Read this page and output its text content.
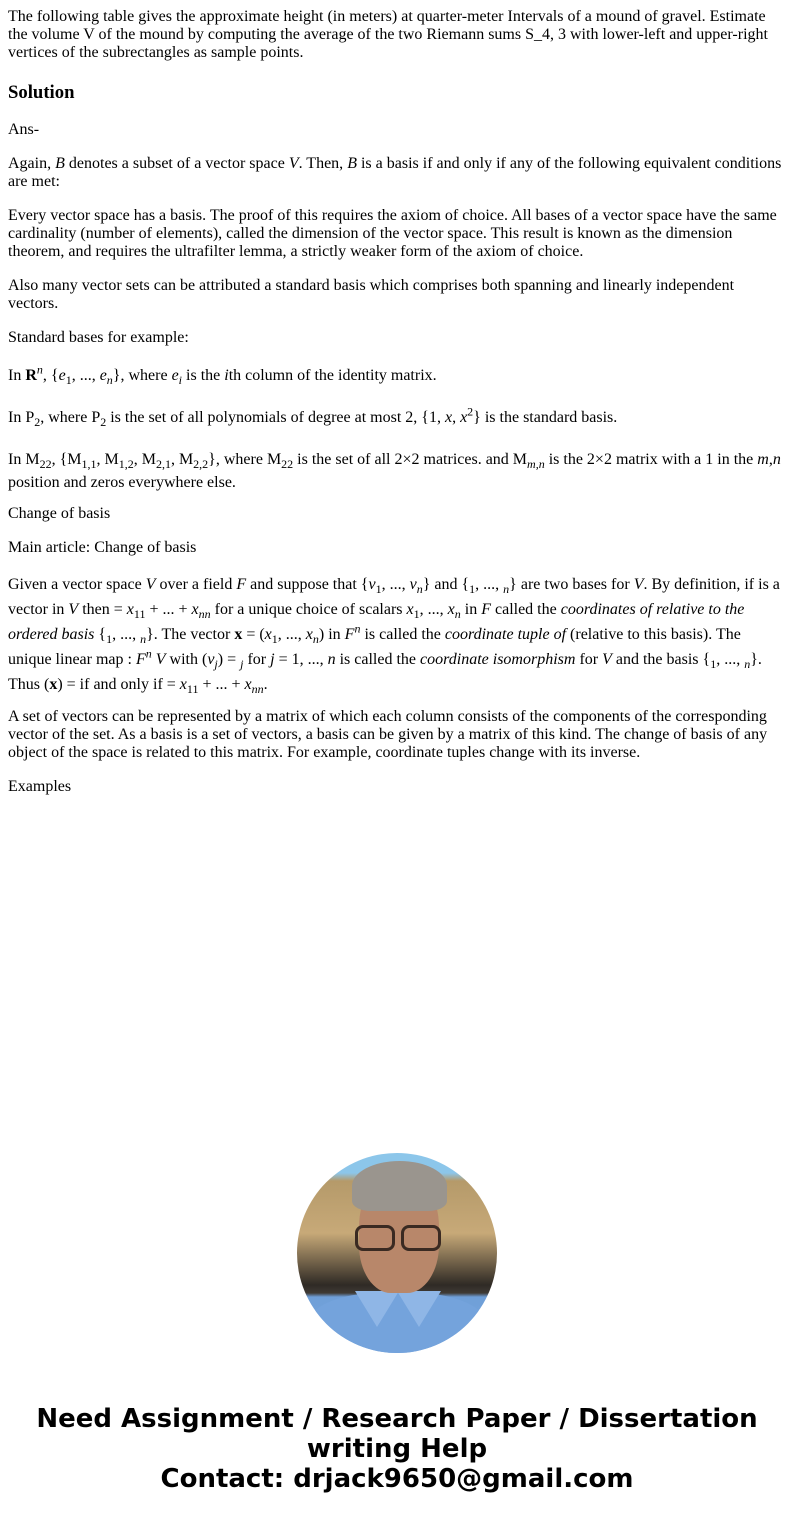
The following table gives the approximate height (in meters) at quarter-meter Intervals of a mound of gravel. Estimate the volume V of the mound by computing the average of the two Riemann sums S_4, 3 with lower-left and upper-right vertices of the subrectangles as sample points.

Solution

Ans-

Again, B denotes a subset of a vector space V. Then, B is a basis if and only if any of the following equivalent conditions are met:

Every vector space has a basis. The proof of this requires the axiom of choice. All bases of a vector space have the same cardinality (number of elements), called the dimension of the vector space. This result is known as the dimension theorem, and requires the ultrafilter lemma, a strictly weaker form of the axiom of choice.

Also many vector sets can be attributed a standard basis which comprises both spanning and linearly independent vectors.

Standard bases for example:

In $R^n$, {$e_1$, ..., $e_n$}, where $e_i$ is the ith column of the identity matrix.

In $P_2$, where $P_2$ is the set of all polynomials of degree at most 2, {1, x, $x^2$} is the standard basis.

In $M_{22}$, {$M_{1,1}$, $M_{1,2}$, $M_{2,1}$, $M_{2,2}$}, where $M_{22}$ is the set of all 2×2 matrices. and $M_{m,n}$ is the 2×2 matrix with a 1 in the m,n position and zeros everywhere else.

Change of basis

Main article: Change of basis

Given a vector space V over a field F and suppose that {$v_1$, ..., $v_n$} and {$_1$, ..., $_n$} are two bases for V. By definition, if is a vector in V then = $x_{11}$ + ... + $x_{nn}$ for a unique choice of scalars $x_1$, ..., $x_n$ in F called the coordinates of relative to the ordered basis {$_1$, ..., $_n$}. The vector $x = (x_1$, ..., $x_n$) in $F^n$ is called the coordinate tuple of (relative to this basis). The unique linear map : $F^n$ V with $(v_j) = _j$ for j = 1, ..., n is called the coordinate isomorphism for V and the basis {$_1$, ..., $_n$}. Thus (x) = if and only if = $x_{11}$ + ... + $x_{nn}$.

A set of vectors can be represented by a matrix of which each column consists of the components of the corresponding vector of the set. As a basis is a set of vectors, a basis can be given by a matrix of this kind. The change of basis of any object of the space is related to this matrix. For example, coordinate tuples change with its inverse.

Examples

Need Assignment / Research Paper / Dissertation
writing Help
Contact: drjack9650@gmail.com
